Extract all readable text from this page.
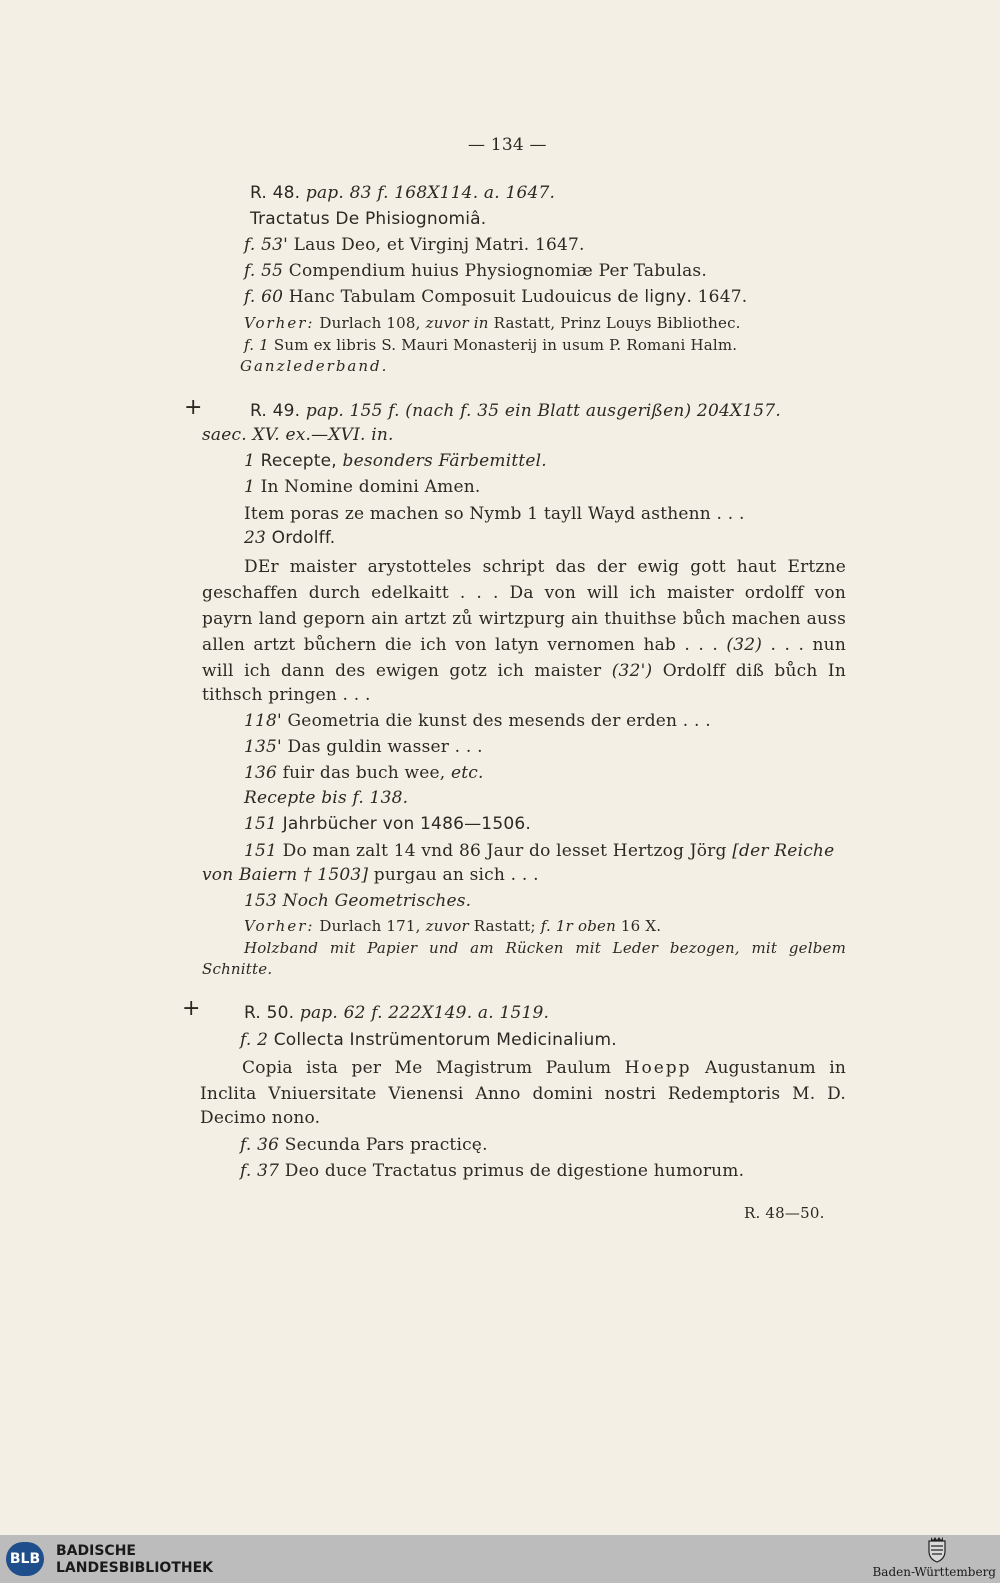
— 134 —
R. 48. pap. 83 f. 168X114. a. 1647.
Tractatus De Phisiognomiâ.
f. 53' Laus Deo, et Virginj Matri. 1647.
f. 55 Compendium huius Physiognomiæ Per Tabulas.
f. 60 Hanc Tabulam Composuit Ludouicus de ligny. 1647.
Vorher: Durlach 108, zuvor in Rastatt, Prinz Louys Bibliothec.
f. 1 Sum ex libris S. Mauri Monasterij in usum P. Romani Halm.
Ganzlederband.
+	R. 49. pap. 155 f. (nach f. 35 ein Blatt ausgerißen) 204X157.
saec. XV. ex.—XVI. in.
1 Recepte, besonders Färbemittel.
1 In Nomine domini Amen.
Item poras ze machen so Nymb 1 tayll Wayd asthenn . . .
23 Ordolff.
DEr maister arystotteles schript das der ewig gott haut Ertzne
geschaffen durch edelkaitt . . . Da von will ich maister ordolff von
payrn land geporn ain artzt zů wirtzpurg ain thuithse bůch machen auss
allen artzt bůchern die ich von latyn vernomen hab . . . (32) . . . nun
will ich dann des ewigen gotz ich maister (32') Ordolff diß bůch In
tithsch pringen . . .
118' Geometria die kunst des mesends der erden . . .
135' Das guldin wasser . . .
136 fuir das buch wee, etc.
Recepte bis f. 138.
151 Jahrbücher von 1486—1506.
151 Do man zalt 14 vnd 86 Jaur do lesset Hertzog Jörg [der Reiche
von Baiern † 1503] purgau an sich . . .
153 Noch Geometrisches.
Vorher: Durlach 171, zuvor Rastatt; f. 1r oben 16 X.
Holzband mit Papier und am Rücken mit Leder bezogen, mit gelbem
Schnitte.
+	R. 50. pap. 62 f. 222X149. a. 1519.
f. 2 Collecta Instrümentorum Medicinalium.
Copia ista per Me Magistrum Paulum Hoepp Augustanum in
Inclita Vniuersitate Vienensi Anno domini nostri Redemptoris M. D.
Decimo nono.
f. 36 Secunda Pars practicę.
f. 37 Deo duce Tractatus primus de digestione humorum.
R. 48—50.
BLB BADISCHE
LANDESBIBLIOTHEK	Baden-Württemberg
